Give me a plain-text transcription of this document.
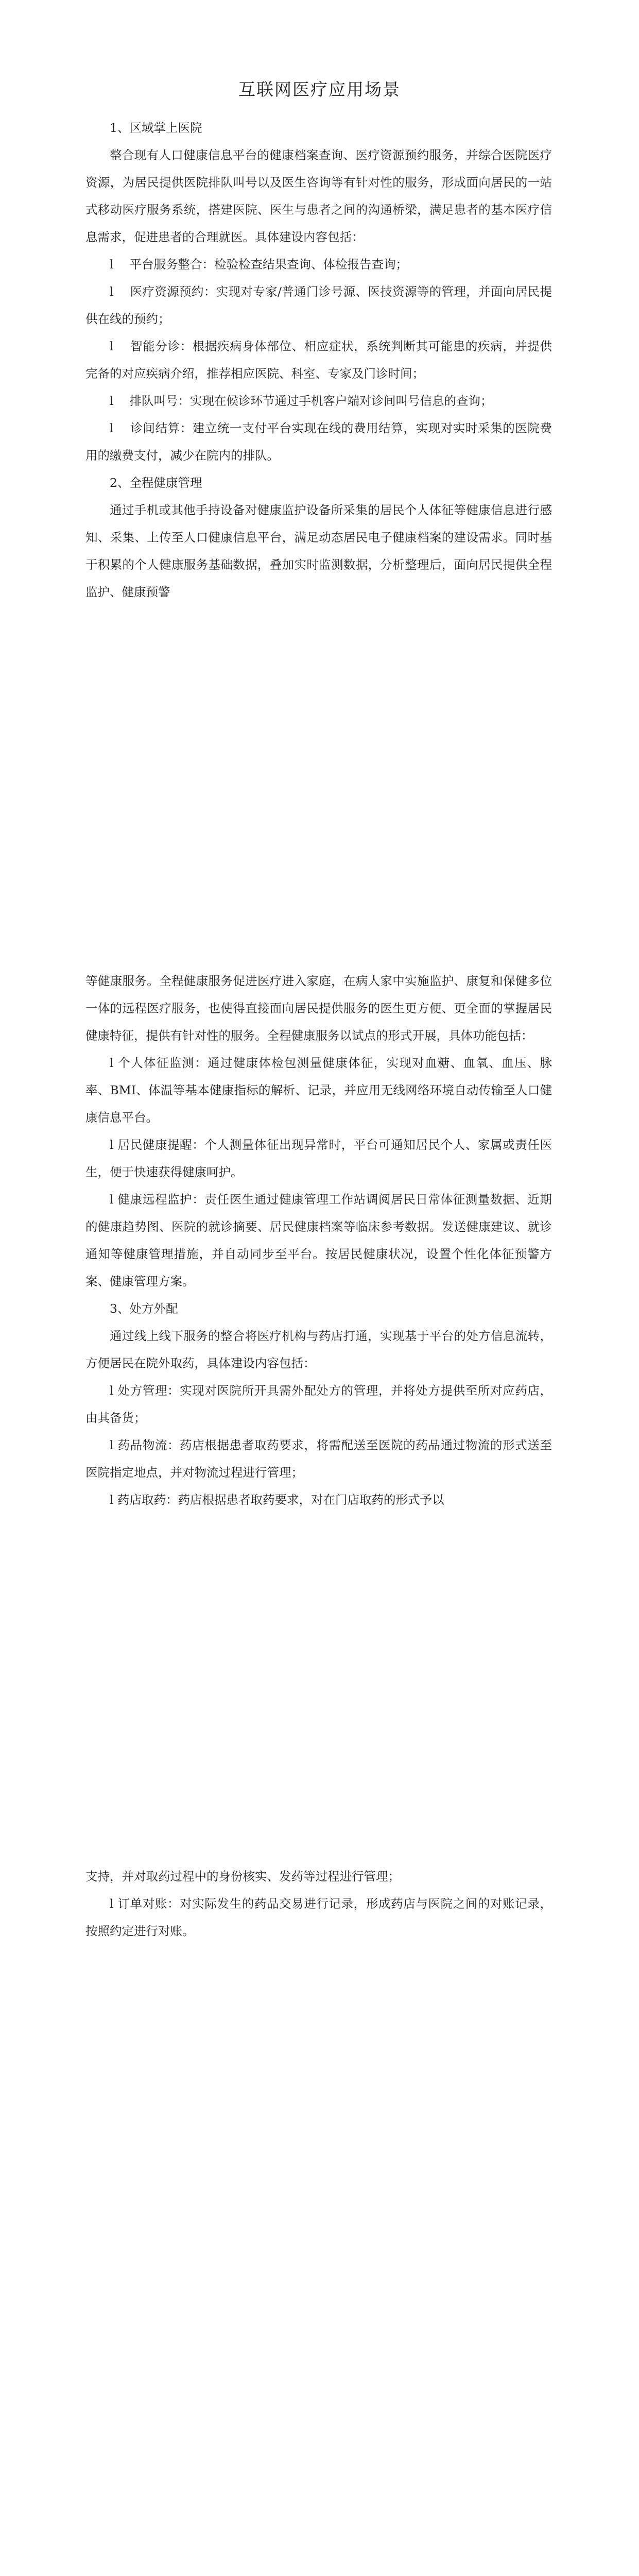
互联网医疗应用场景

1、区域掌上医院

整合现有人口健康信息平台的健康档案查询、医疗资源预约服务，并综合医院医疗资源，为居民提供医院排队叫号以及医生咨询等有针对性的服务，形成面向居民的一站式移动医疗服务系统，搭建医院、医生与患者之间的沟通桥梁，满足患者的基本医疗信息需求，促进患者的合理就医。具体建设内容包括：

l　 平台服务整合：检验检查结果查询、体检报告查询；

l　 医疗资源预约：实现对专家/普通门诊号源、医技资源等的管理，并面向居民提供在线的预约；

l　 智能分诊：根据疾病身体部位、相应症状，系统判断其可能患的疾病，并提供完备的对应疾病介绍，推荐相应医院、科室、专家及门诊时间；

l　 排队叫号：实现在候诊环节通过手机客户端对诊间叫号信息的查询；

l　 诊间结算：建立统一支付平台实现在线的费用结算，实现对实时采集的医院费用的缴费支付，减少在院内的排队。

2、全程健康管理

通过手机或其他手持设备对健康监护设备所采集的居民个人体征等健康信息进行感知、采集、上传至人口健康信息平台，满足动态居民电子健康档案的建设需求。同时基于积累的个人健康服务基础数据，叠加实时监测数据，分析整理后，面向居民提供全程监护、健康预警

等健康服务。全程健康服务促进医疗进入家庭，在病人家中实施监护、康复和保健多位一体的远程医疗服务，也使得直接面向居民提供服务的医生更方便、更全面的掌握居民健康特征，提供有针对性的服务。全程健康服务以试点的形式开展，具体功能包括：

l 个人体征监测：通过健康体检包测量健康体征，实现对血糖、血氧、血压、脉率、BMI、体温等基本健康指标的解析、记录，并应用无线网络环境自动传输至人口健康信息平台。

l 居民健康提醒：个人测量体征出现异常时，平台可通知居民个人、家属或责任医生，便于快速获得健康呵护。

l 健康远程监护：责任医生通过健康管理工作站调阅居民日常体征测量数据、近期的健康趋势图、医院的就诊摘要、居民健康档案等临床参考数据。发送健康建议、就诊通知等健康管理措施，并自动同步至平台。按居民健康状况，设置个性化体征预警方案、健康管理方案。

3、处方外配

通过线上线下服务的整合将医疗机构与药店打通，实现基于平台的处方信息流转，方便居民在院外取药，具体建设内容包括：

l 处方管理：实现对医院所开具需外配处方的管理，并将处方提供至所对应药店，由其备货；

l 药品物流：药店根据患者取药要求，将需配送至医院的药品通过物流的形式送至医院指定地点，并对物流过程进行管理；

l 药店取药：药店根据患者取药要求，对在门店取药的形式予以

支持，并对取药过程中的身份核实、发药等过程进行管理；

l 订单对账：对实际发生的药品交易进行记录，形成药店与医院之间的对账记录，按照约定进行对账。
